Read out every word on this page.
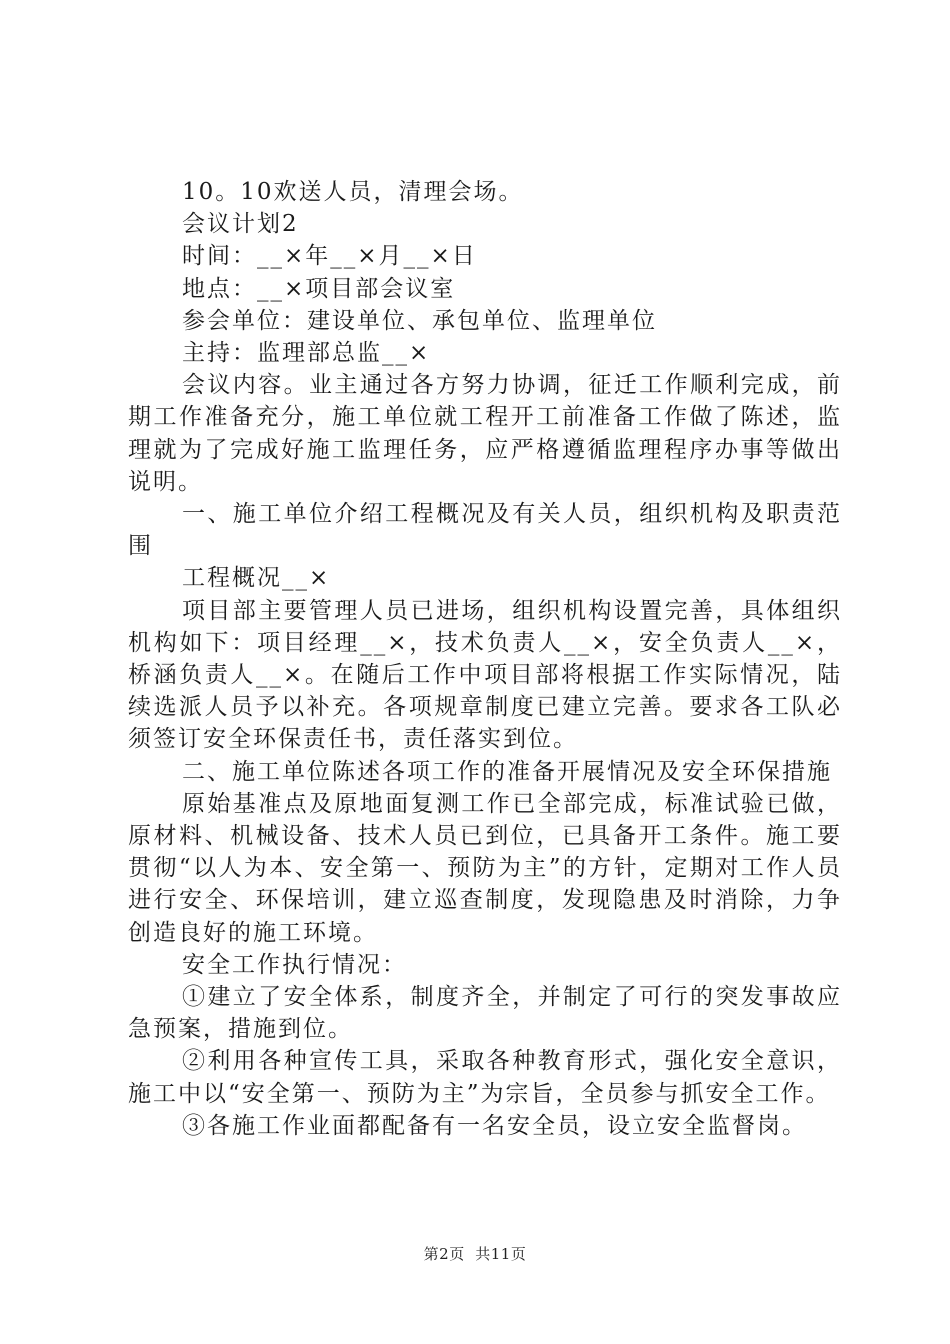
10。10欢送人员，清理会场。

会议计划2

时间：__×年__×月__×日

地点：__×项目部会议室

参会单位：建设单位、承包单位、监理单位

主持：监理部总监__×

会议内容。业主通过各方努力协调，征迁工作顺利完成，前期工作准备充分，施工单位就工程开工前准备工作做了陈述，监理就为了完成好施工监理任务，应严格遵循监理程序办事等做出说明。

一、施工单位介绍工程概况及有关人员，组织机构及职责范围

工程概况__×

项目部主要管理人员已进场，组织机构设置完善，具体组织机构如下：项目经理__×，技术负责人__×，安全负责人__×，桥涵负责人__×。在随后工作中项目部将根据工作实际情况，陆续选派人员予以补充。各项规章制度已建立完善。要求各工队必须签订安全环保责任书，责任落实到位。

二、施工单位陈述各项工作的准备开展情况及安全环保措施

原始基准点及原地面复测工作已全部完成，标准试验已做，原材料、机械设备、技术人员已到位，已具备开工条件。施工要贯彻“以人为本、安全第一、预防为主”的方针，定期对工作人员进行安全、环保培训，建立巡查制度，发现隐患及时消除，力争创造良好的施工环境。

安全工作执行情况：

①建立了安全体系，制度齐全，并制定了可行的突发事故应急预案，措施到位。

②利用各种宣传工具，采取各种教育形式，强化安全意识，施工中以“安全第一、预防为主”为宗旨，全员参与抓安全工作。

③各施工作业面都配备有一名安全员，设立安全监督岗。

第2页  共11页
